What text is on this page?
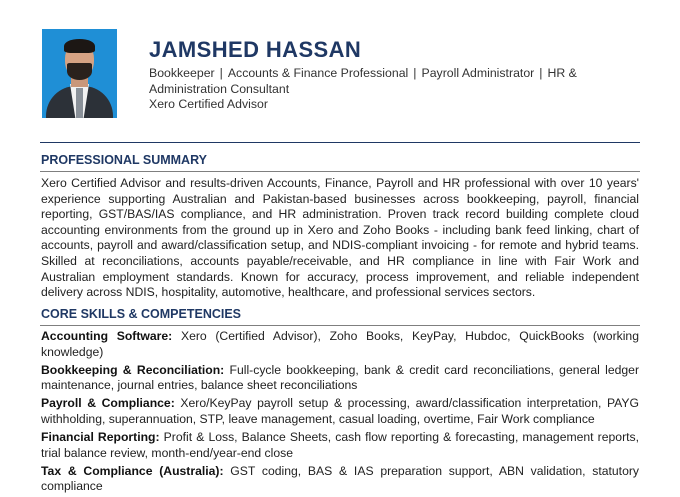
JAMSHED HASSAN
Bookkeeper | Accounts & Finance Professional | Payroll Administrator | HR & Administration Consultant
Xero Certified Advisor
PROFESSIONAL SUMMARY

Xero Certified Advisor and results-driven Accounts, Finance, Payroll and HR professional with over 10 years' experience supporting Australian and Pakistan-based businesses across bookkeeping, payroll, financial reporting, GST/BAS/IAS compliance, and HR administration. Proven track record building complete cloud accounting environments from the ground up in Xero and Zoho Books - including bank feed linking, chart of accounts, payroll and award/classification setup, and NDIS-compliant invoicing - for remote and hybrid teams. Skilled at reconciliations, accounts payable/receivable, and HR compliance in line with Fair Work and Australian employment standards. Known for accuracy, process improvement, and reliable independent delivery across NDIS, hospitality, automotive, healthcare, and professional services sectors.

CORE SKILLS & COMPETENCIES

Accounting Software: Xero (Certified Advisor), Zoho Books, KeyPay, Hubdoc, QuickBooks (working knowledge)

Bookkeeping & Reconciliation: Full-cycle bookkeeping, bank & credit card reconciliations, general ledger maintenance, journal entries, balance sheet reconciliations

Payroll & Compliance: Xero/KeyPay payroll setup & processing, award/classification interpretation, PAYG withholding, superannuation, STP, leave management, casual loading, overtime, Fair Work compliance

Financial Reporting: Profit & Loss, Balance Sheets, cash flow reporting & forecasting, management reports, trial balance review, month-end/year-end close

Tax & Compliance (Australia): GST coding, BAS & IAS preparation support, ABN validation, statutory compliance
